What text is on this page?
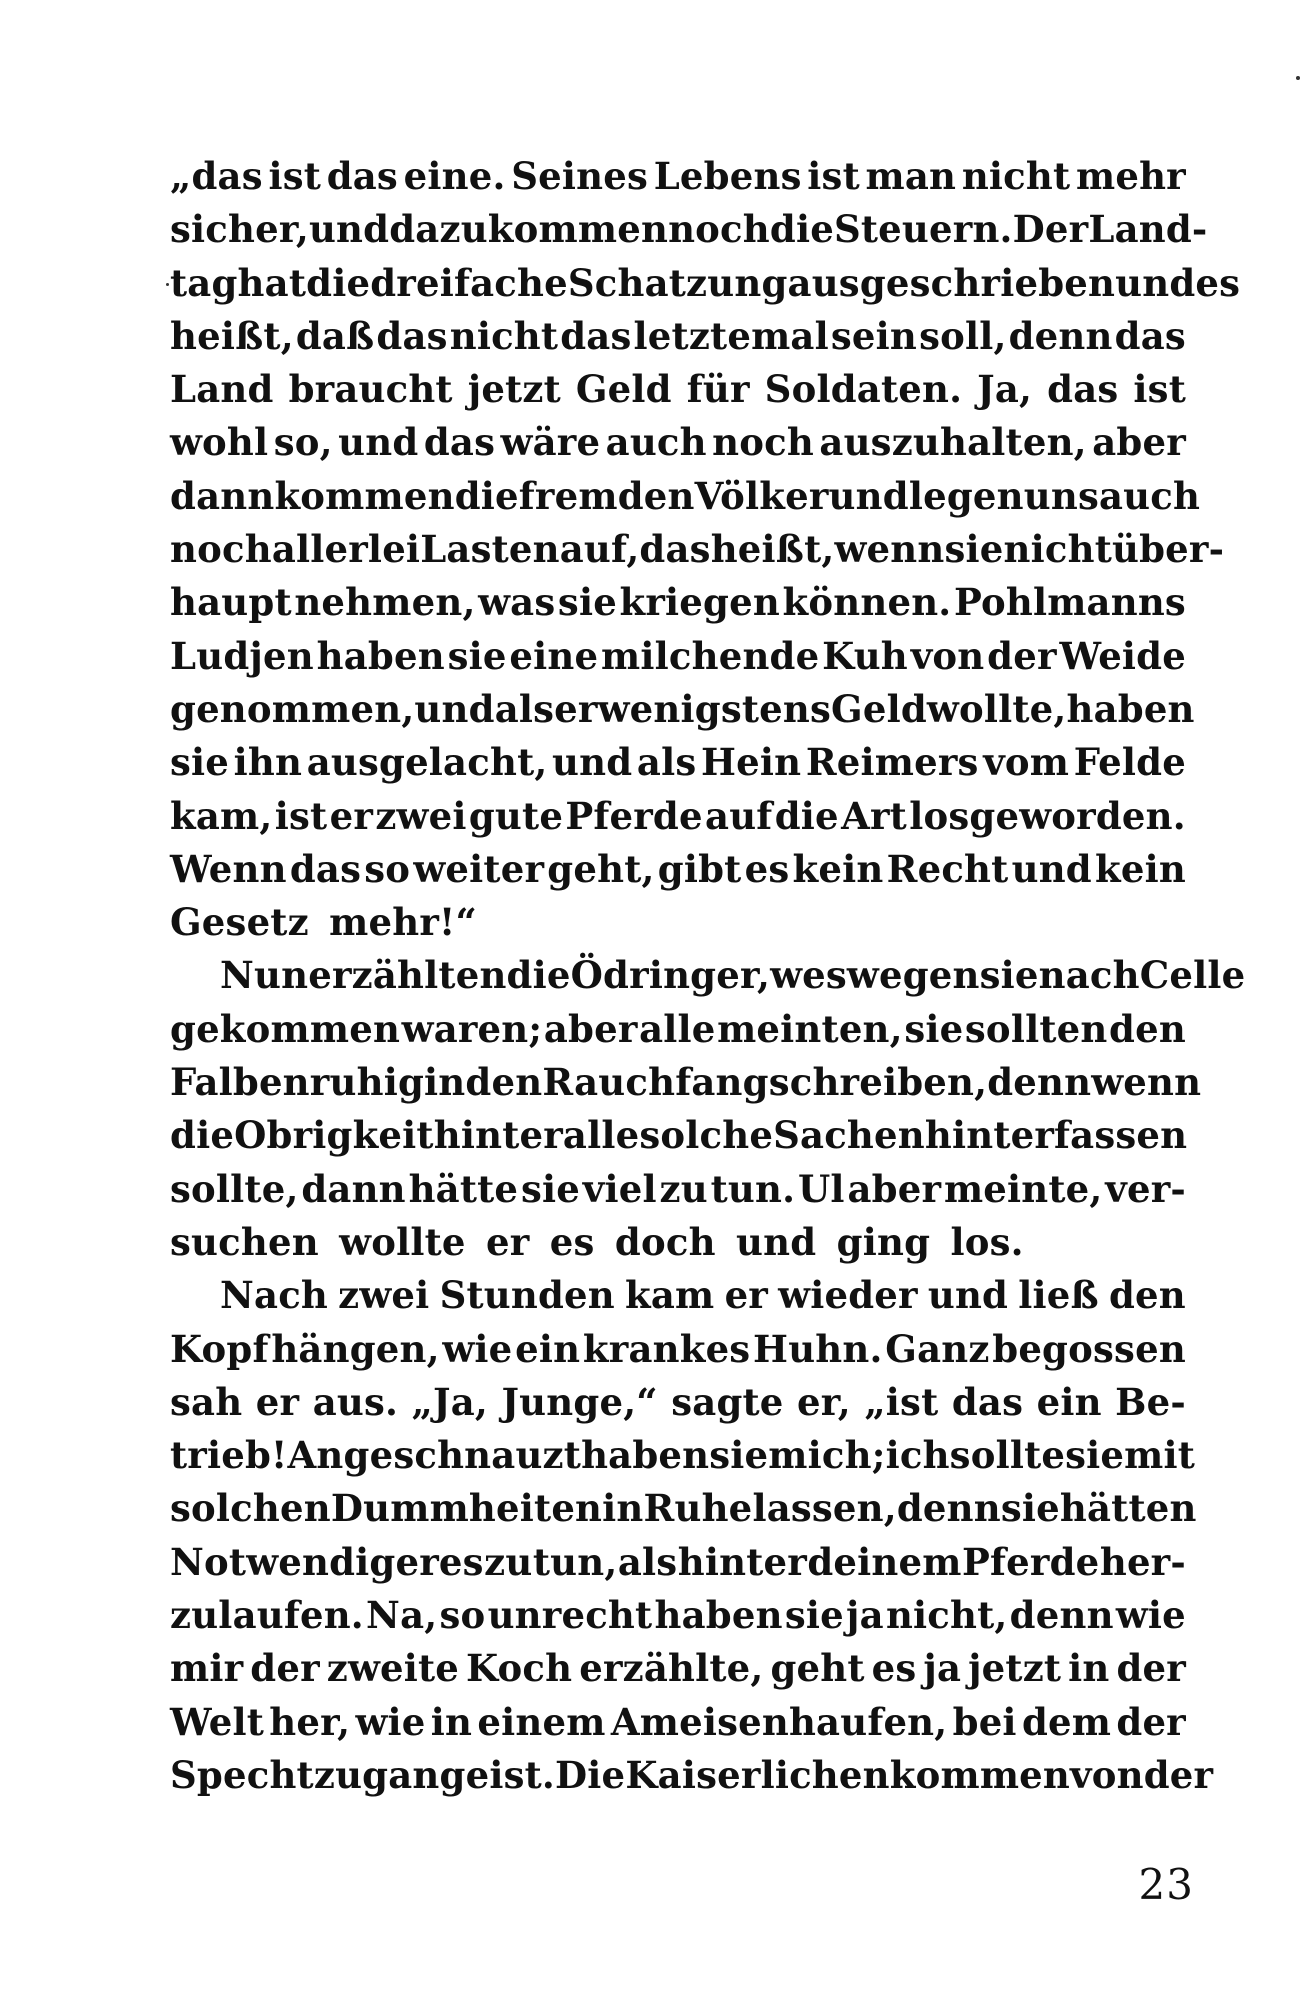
„das ist das eine. Seines Lebens ist man nicht mehr
sicher, und dazu kommen noch die Steuern. Der Land-
tag hat die dreifache Schatzung ausgeschrieben und es
heißt, daß das nicht das letztemal sein soll, denn das
Land braucht jetzt Geld für Soldaten. Ja, das ist
wohl so, und das wäre auch noch auszuhalten, aber
dann kommen die fremden Völker und legen uns auch
noch allerlei Lasten auf, das heißt, wenn sie nicht über-
haupt nehmen, was sie kriegen können. Pohlmanns
Ludjen haben sie eine milchende Kuh von der Weide
genommen, und als er wenigstens Geld wollte, haben
sie ihn ausgelacht, und als Hein Reimers vom Felde
kam, ist er zwei gute Pferde auf die Art losgeworden.
Wenn das so weiter geht, gibt es kein Recht und kein
Gesetz mehr!“
Nun erzählten die Ödringer, weswegen sie nach Celle
gekommen waren; aber alle meinten, sie sollten den
Falben ruhig in den Rauchfang schreiben, denn wenn
die Obrigkeit hinter alle solche Sachen hinterfassen
sollte, dann hätte sie viel zu tun. Ul aber meinte, ver-
suchen wollte er es doch und ging los.
Nach zwei Stunden kam er wieder und ließ den
Kopf hängen, wie ein krankes Huhn. Ganz begossen
sah er aus. „Ja, Junge,“ sagte er, „ist das ein Be-
trieb! Angeschnauzt haben sie mich; ich sollte sie mit
solchen Dummheiten in Ruhe lassen, denn sie hätten
Notwendigeres zu tun, als hinter deinem Pferde her-
zulaufen. Na, so unrecht haben sie ja nicht, denn wie
mir der zweite Koch erzählte, geht es ja jetzt in der
Welt her, wie in einem Ameisenhaufen, bei dem der
Specht zugange ist. Die Kaiserlichen kommen von der
23
